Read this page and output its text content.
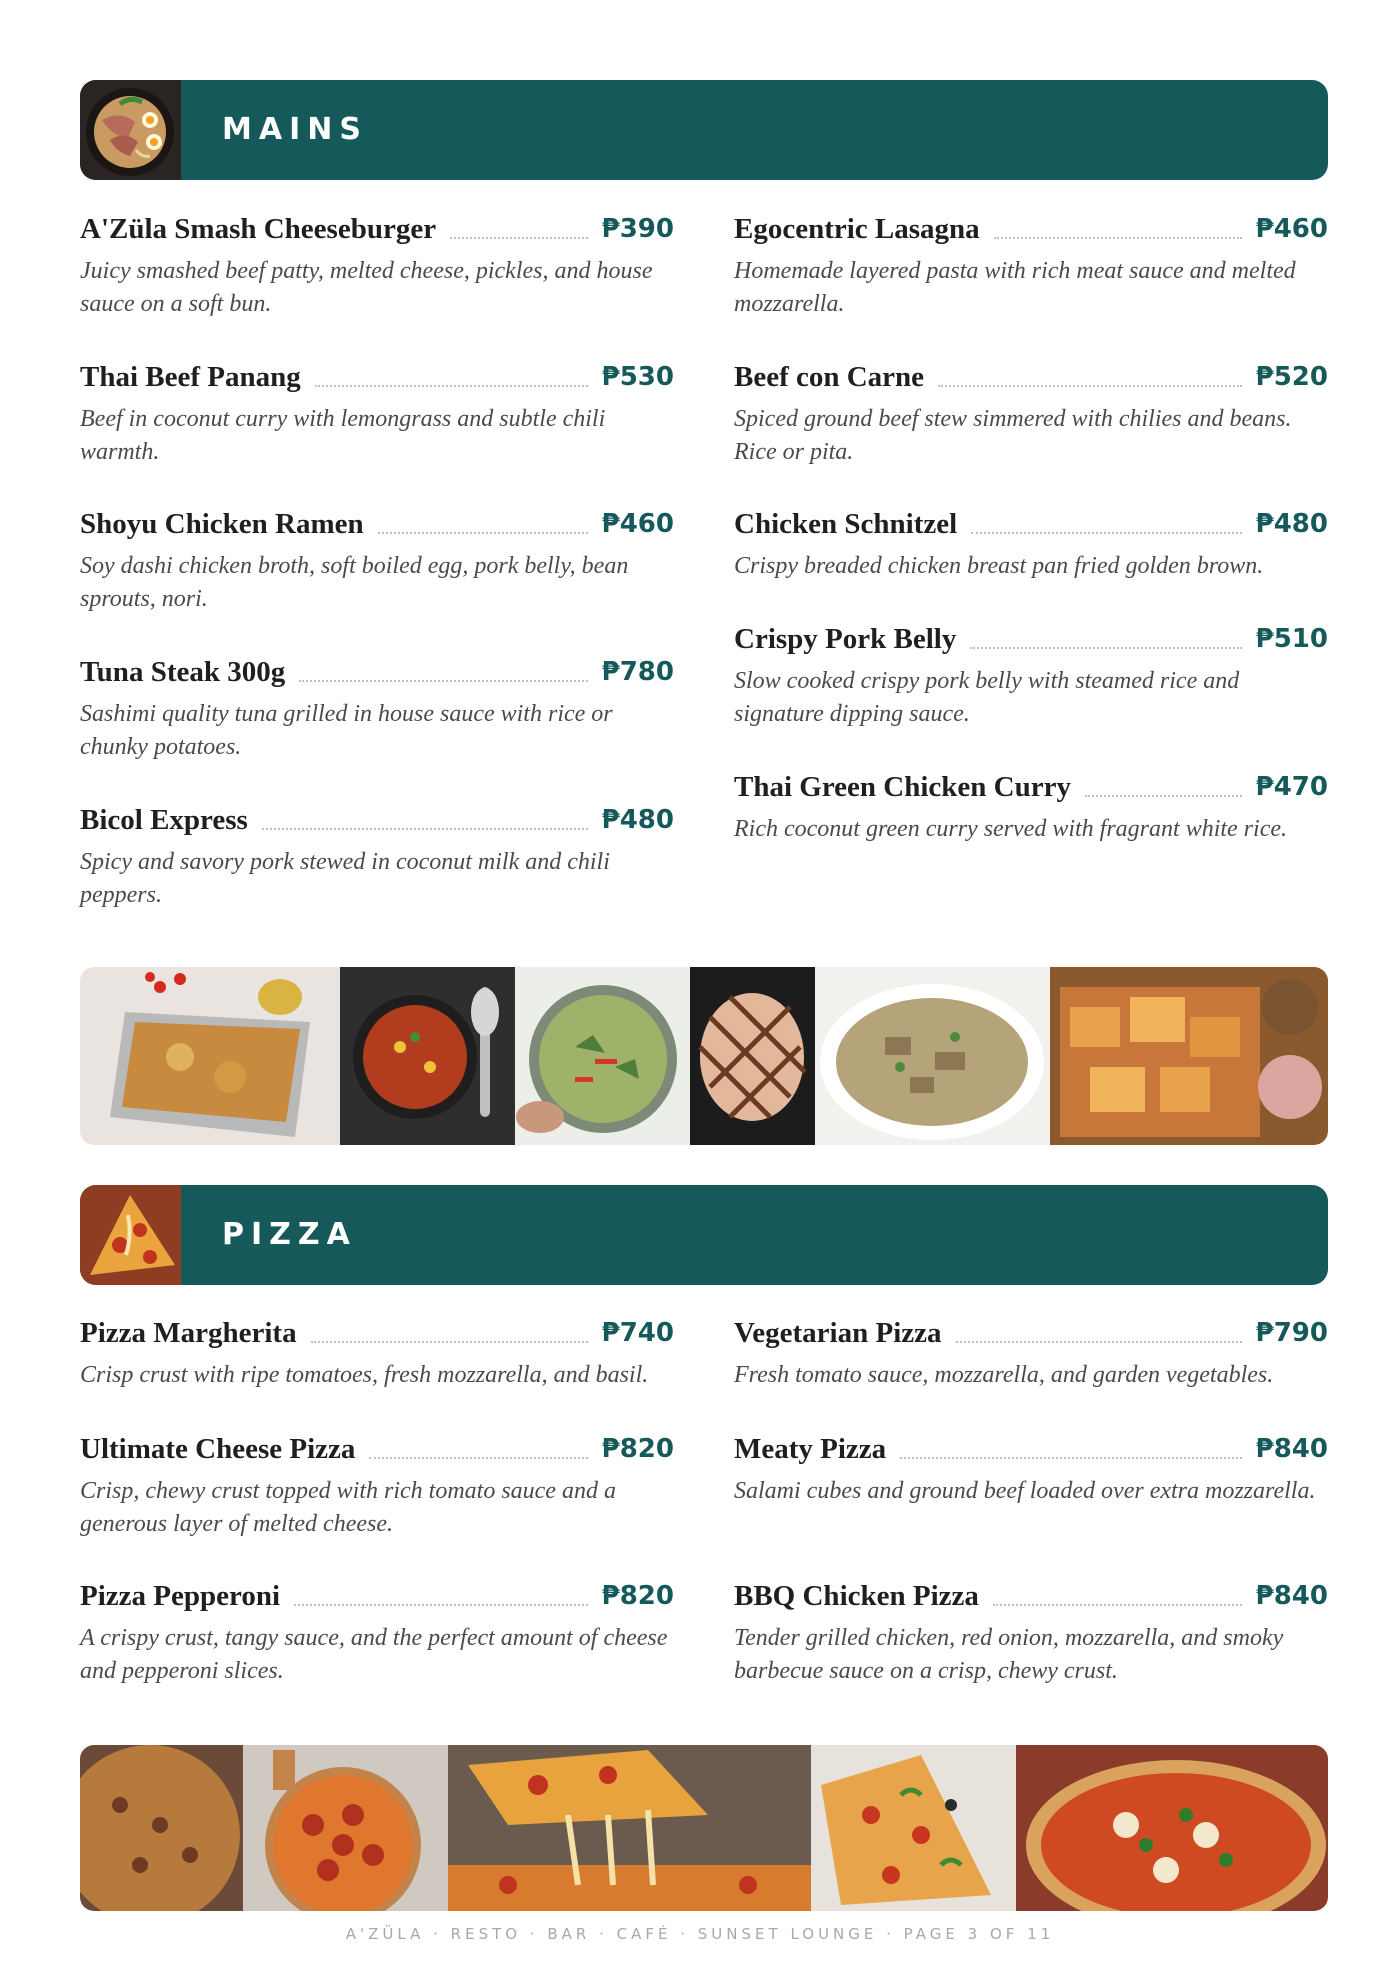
MAINS
A'Züla Smash Cheeseburger	₱390
Juicy smashed beef patty, melted cheese, pickles, and house sauce on a soft bun.
Thai Beef Panang	₱530
Beef in coconut curry with lemongrass and subtle chili warmth.
Shoyu Chicken Ramen	₱460
Soy dashi chicken broth, soft boiled egg, pork belly, bean sprouts, nori.
Tuna Steak 300g	₱780
Sashimi quality tuna grilled in house sauce with rice or chunky potatoes.
Bicol Express	₱480
Spicy and savory pork stewed in coconut milk and chili peppers.
Egocentric Lasagna	₱460
Homemade layered pasta with rich meat sauce and melted mozzarella.
Beef con Carne	₱520
Spiced ground beef stew simmered with chilies and beans. Rice or pita.
Chicken Schnitzel	₱480
Crispy breaded chicken breast pan fried golden brown.
Crispy Pork Belly	₱510
Slow cooked crispy pork belly with steamed rice and signature dipping sauce.
Thai Green Chicken Curry	₱470
Rich coconut green curry served with fragrant white rice.
PIZZA
Pizza Margherita	₱740
Crisp crust with ripe tomatoes, fresh mozzarella, and basil.
Ultimate Cheese Pizza	₱820
Crisp, chewy crust topped with rich tomato sauce and a generous layer of melted cheese.
Pizza Pepperoni	₱820
A crispy crust, tangy sauce, and the perfect amount of cheese and pepperoni slices.
Vegetarian Pizza	₱790
Fresh tomato sauce, mozzarella, and garden vegetables.
Meaty Pizza	₱840
Salami cubes and ground beef loaded over extra mozzarella.
BBQ Chicken Pizza	₱840
Tender grilled chicken, red onion, mozzarella, and smoky barbecue sauce on a crisp, chewy crust.
A'ZÜLA · RESTO · BAR · CAFÉ · SUNSET LOUNGE · PAGE 3 OF 11
